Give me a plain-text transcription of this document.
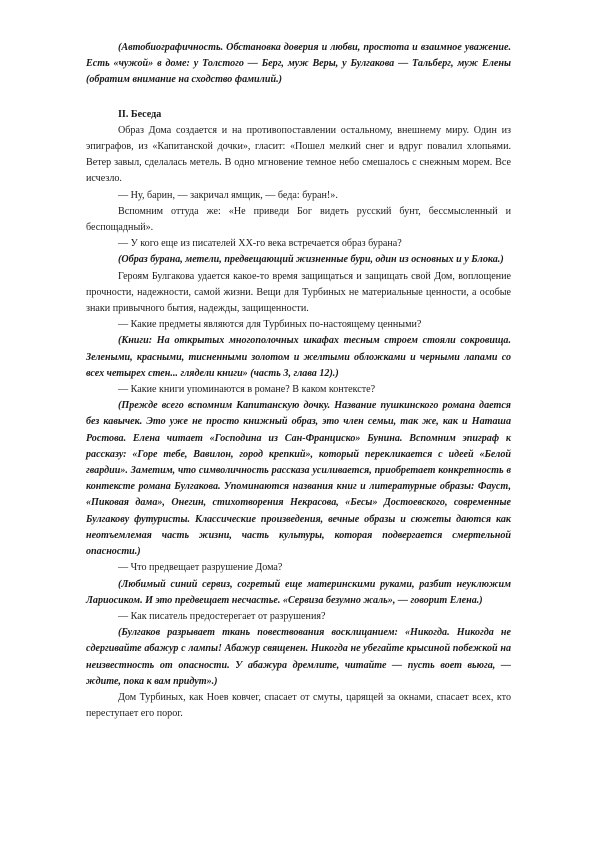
(Автобиографичность. Обстановка доверия и любви, простота и взаимное уважение. Есть «чужой» в доме: у Толстого — Берг, муж Веры, у Булгакова — Тальберг, муж Елены (обратим внимание на сходство фамилий.)

II. Беседа

Образ Дома создается и на противопоставлении остальному, внешнему миру. Один из эпиграфов, из «Капитанской дочки», гласит: «Пошел мелкий снег и вдруг повалил хлопьями. Ветер завыл, сделалась метель. В одно мгновение темное небо смешалось с снежным морем. Все исчезло.

— Ну, барин, — закричал ямщик, — беда: буран!».

Вспомним оттуда же: «Не приведи Бог видеть русский бунт, бессмысленный и беспощадный».

— У кого еще из писателей XX-го века встречается образ бурана?

(Образ бурана, метели, предвещающий жизненные бури, один из основных и у Блока.)

Героям Булгакова удается какое-то время защищаться и защищать свой Дом, воплощение прочности, надежности, самой жизни. Вещи для Турбиных не материальные ценности, а особые знаки привычного бытия, надежды, защищенности.

— Какие предметы являются для Турбиных по-настоящему ценными?

(Книги: На открытых многополочных шкафах тесным строем стояли сокровища. Зелеными, красными, тисненными золотом и желтыми обложками и черными лапами со всех четырех стен... глядели книги» (часть 3, глава 12).)

— Какие книги упоминаются в романе? В каком контексте?

(Прежде всего вспомним Капитанскую дочку. Название пушкинского романа дается без кавычек. Это уже не просто книжный образ, это член семьи, так же, как и Наташа Ростова. Елена читает «Господина из Сан-Франциско» Бунина. Вспомним эпиграф к рассказу: «Горе тебе, Вавилон, город крепкий», который перекликается с идеей «Белой гвардии». Заметим, что символичность рассказа усиливается, приобретает конкретность в контексте романа Булгакова. Упоминаются названия книг и литературные образы: Фауст, «Пиковая дама», Онегин, стихотворения Некрасова, «Бесы» Достоевского, современные Булгакову футуристы. Классические произведения, вечные образы и сюжеты даются как неотъемлемая часть жизни, часть культуры, которая подвергается смертельной опасности.)

— Что предвещает разрушение Дома?

(Любимый синий сервиз, согретый еще материнскими руками, разбит неуклюжим Лариосиком. И это предвещает несчастье. «Сервиза безумно жаль», — говорит Елена.)

— Как писатель предостерегает от разрушения?

(Булгаков разрывает ткань повествования восклицанием: «Никогда. Никогда не сдергивайте абажур с лампы! Абажур священен. Никогда не убегайте крысиной побежкой на неизвестность от опасности. У абажура дремлите, читайте — пусть воет вьюга, — ждите, пока к вам придут».)

Дом Турбиных, как Ноев ковчег, спасает от смуты, царящей за окнами, спасает всех, кто переступает его порог.
